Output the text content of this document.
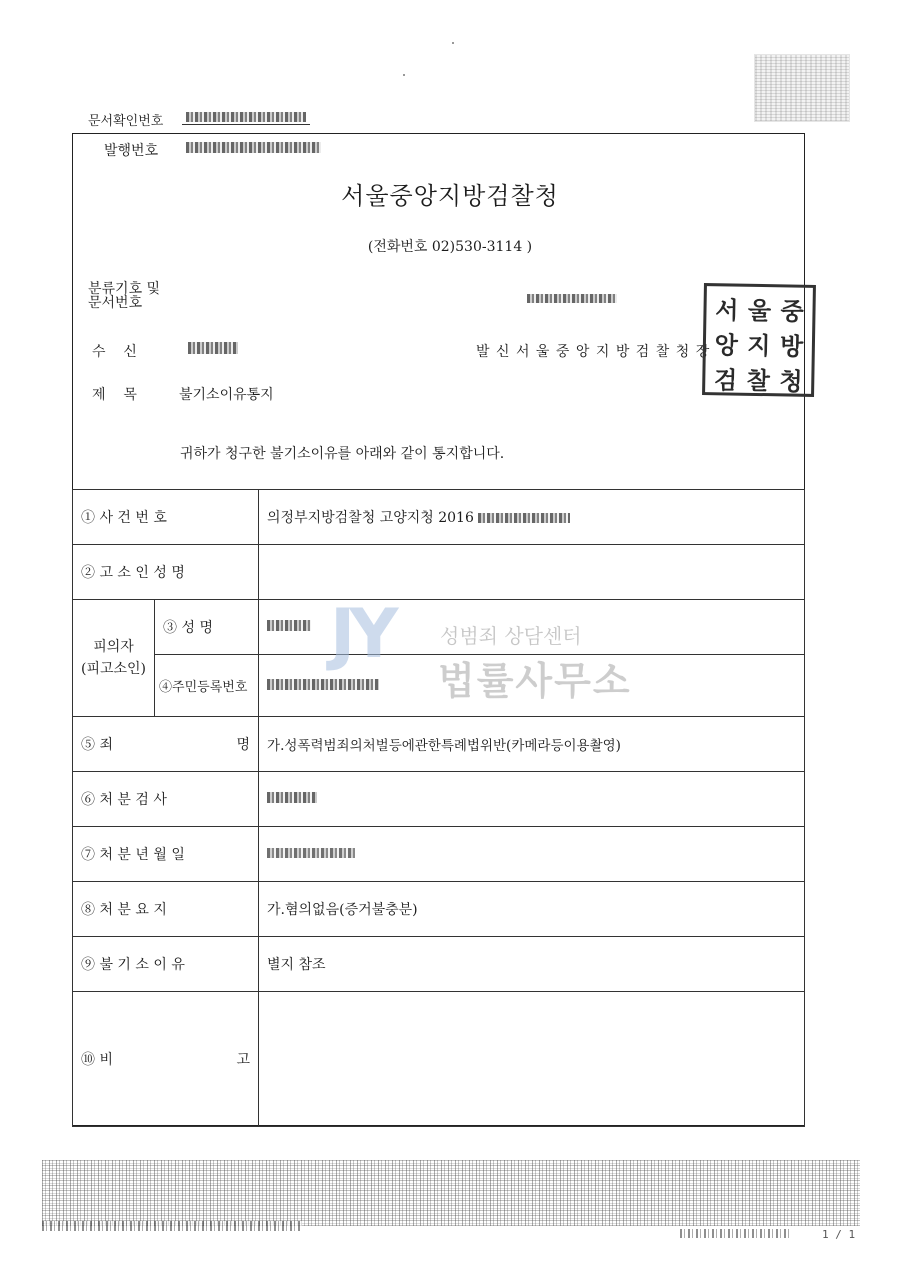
문서확인번호
발행번호
서울중앙지방검찰청
(전화번호 02)530-3114 )
분류기호 및
문서번호
수    신	발 신 서 울 중 앙 지 방 검 찰 청 장
서 울 중
앙 지 방
검 찰 청
제    목	불기소이유통지
귀하가 청구한 불기소이유를 아래와 같이 통지합니다.
① 사 건 번 호		의정부지방검찰청 고양지청 2016
② 고 소 인 성 명		
피의자
(피고소인)	③ 성 명	
	④주민등록번호	

⑤ 죄 명		가.성폭력범죄의처벌등에관한특례법위반(카메라등이용촬영)
⑥ 처 분 검 사		
⑦ 처 분 년 월 일		
⑧ 처 분 요 지		가.혐의없음(증거불충분)
⑨ 불 기 소 이 유		별지 참조

⑩ 비 고		

JY	성범죄 상담센터
법률사무소
1 / 1
